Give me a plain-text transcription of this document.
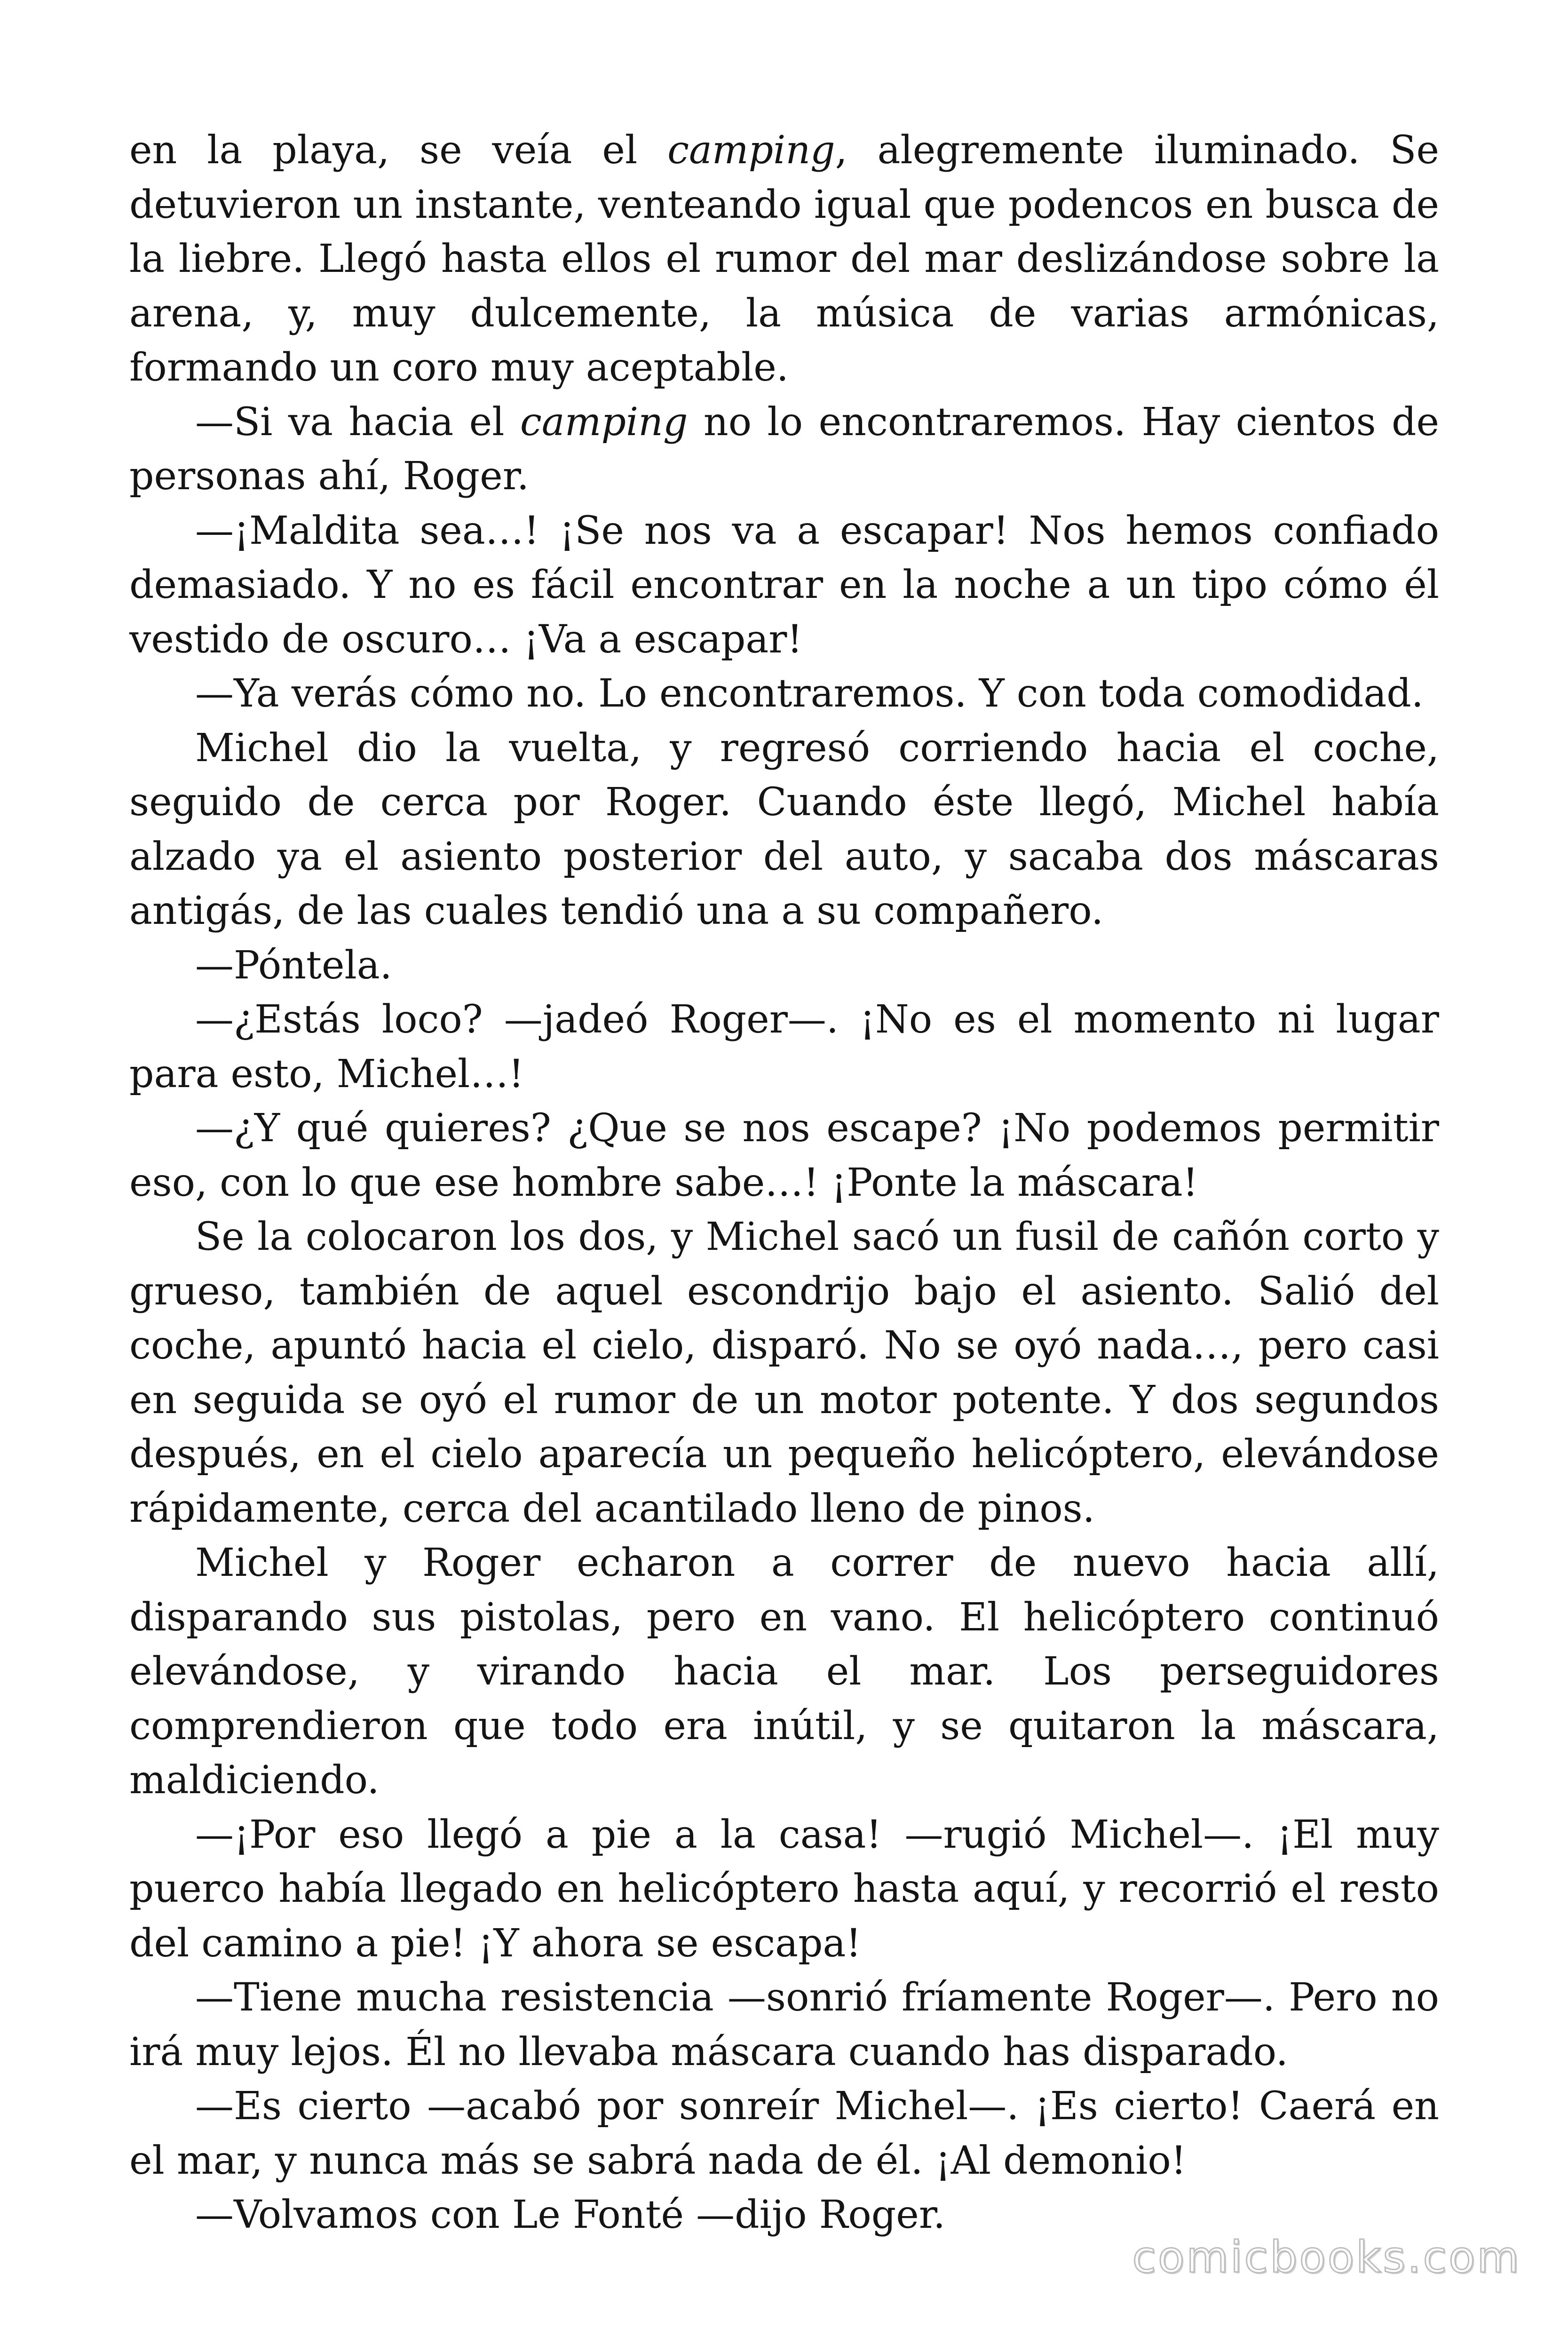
en la playa, se veía el camping, alegremente iluminado. Se detuvieron un instante, venteando igual que podencos en busca de la liebre. Llegó hasta ellos el rumor del mar deslizándose sobre la arena, y, muy dulcemente, la música de varias armónicas, formando un coro muy aceptable.

—Si va hacia el camping no lo encontraremos. Hay cientos de personas ahí, Roger.

—¡Maldita sea…! ¡Se nos va a escapar! Nos hemos confiado demasiado. Y no es fácil encontrar en la noche a un tipo cómo él vestido de oscuro… ¡Va a escapar!

—Ya verás cómo no. Lo encontraremos. Y con toda comodidad.

Michel dio la vuelta, y regresó corriendo hacia el coche, seguido de cerca por Roger. Cuando éste llegó, Michel había alzado ya el asiento posterior del auto, y sacaba dos máscaras antigás, de las cuales tendió una a su compañero.

—Póntela.

—¿Estás loco? —jadeó Roger—. ¡No es el momento ni lugar para esto, Michel…!

—¿Y qué quieres? ¿Que se nos escape? ¡No podemos permitir eso, con lo que ese hombre sabe…! ¡Ponte la máscara!

Se la colocaron los dos, y Michel sacó un fusil de cañón corto y grueso, también de aquel escondrijo bajo el asiento. Salió del coche, apuntó hacia el cielo, disparó. No se oyó nada…, pero casi en seguida se oyó el rumor de un motor potente. Y dos segundos después, en el cielo aparecía un pequeño helicóptero, elevándose rápidamente, cerca del acantilado lleno de pinos.

Michel y Roger echaron a correr de nuevo hacia allí, disparando sus pistolas, pero en vano. El helicóptero continuó elevándose, y virando hacia el mar. Los perseguidores comprendieron que todo era inútil, y se quitaron la máscara, maldiciendo.

—¡Por eso llegó a pie a la casa! —rugió Michel—. ¡El muy puerco había llegado en helicóptero hasta aquí, y recorrió el resto del camino a pie! ¡Y ahora se escapa!

—Tiene mucha resistencia —sonrió fríamente Roger—. Pero no irá muy lejos. Él no llevaba máscara cuando has disparado.

—Es cierto —acabó por sonreír Michel—. ¡Es cierto! Caerá en el mar, y nunca más se sabrá nada de él. ¡Al demonio!

—Volvamos con Le Fonté —dijo Roger.

comicbooks.com
